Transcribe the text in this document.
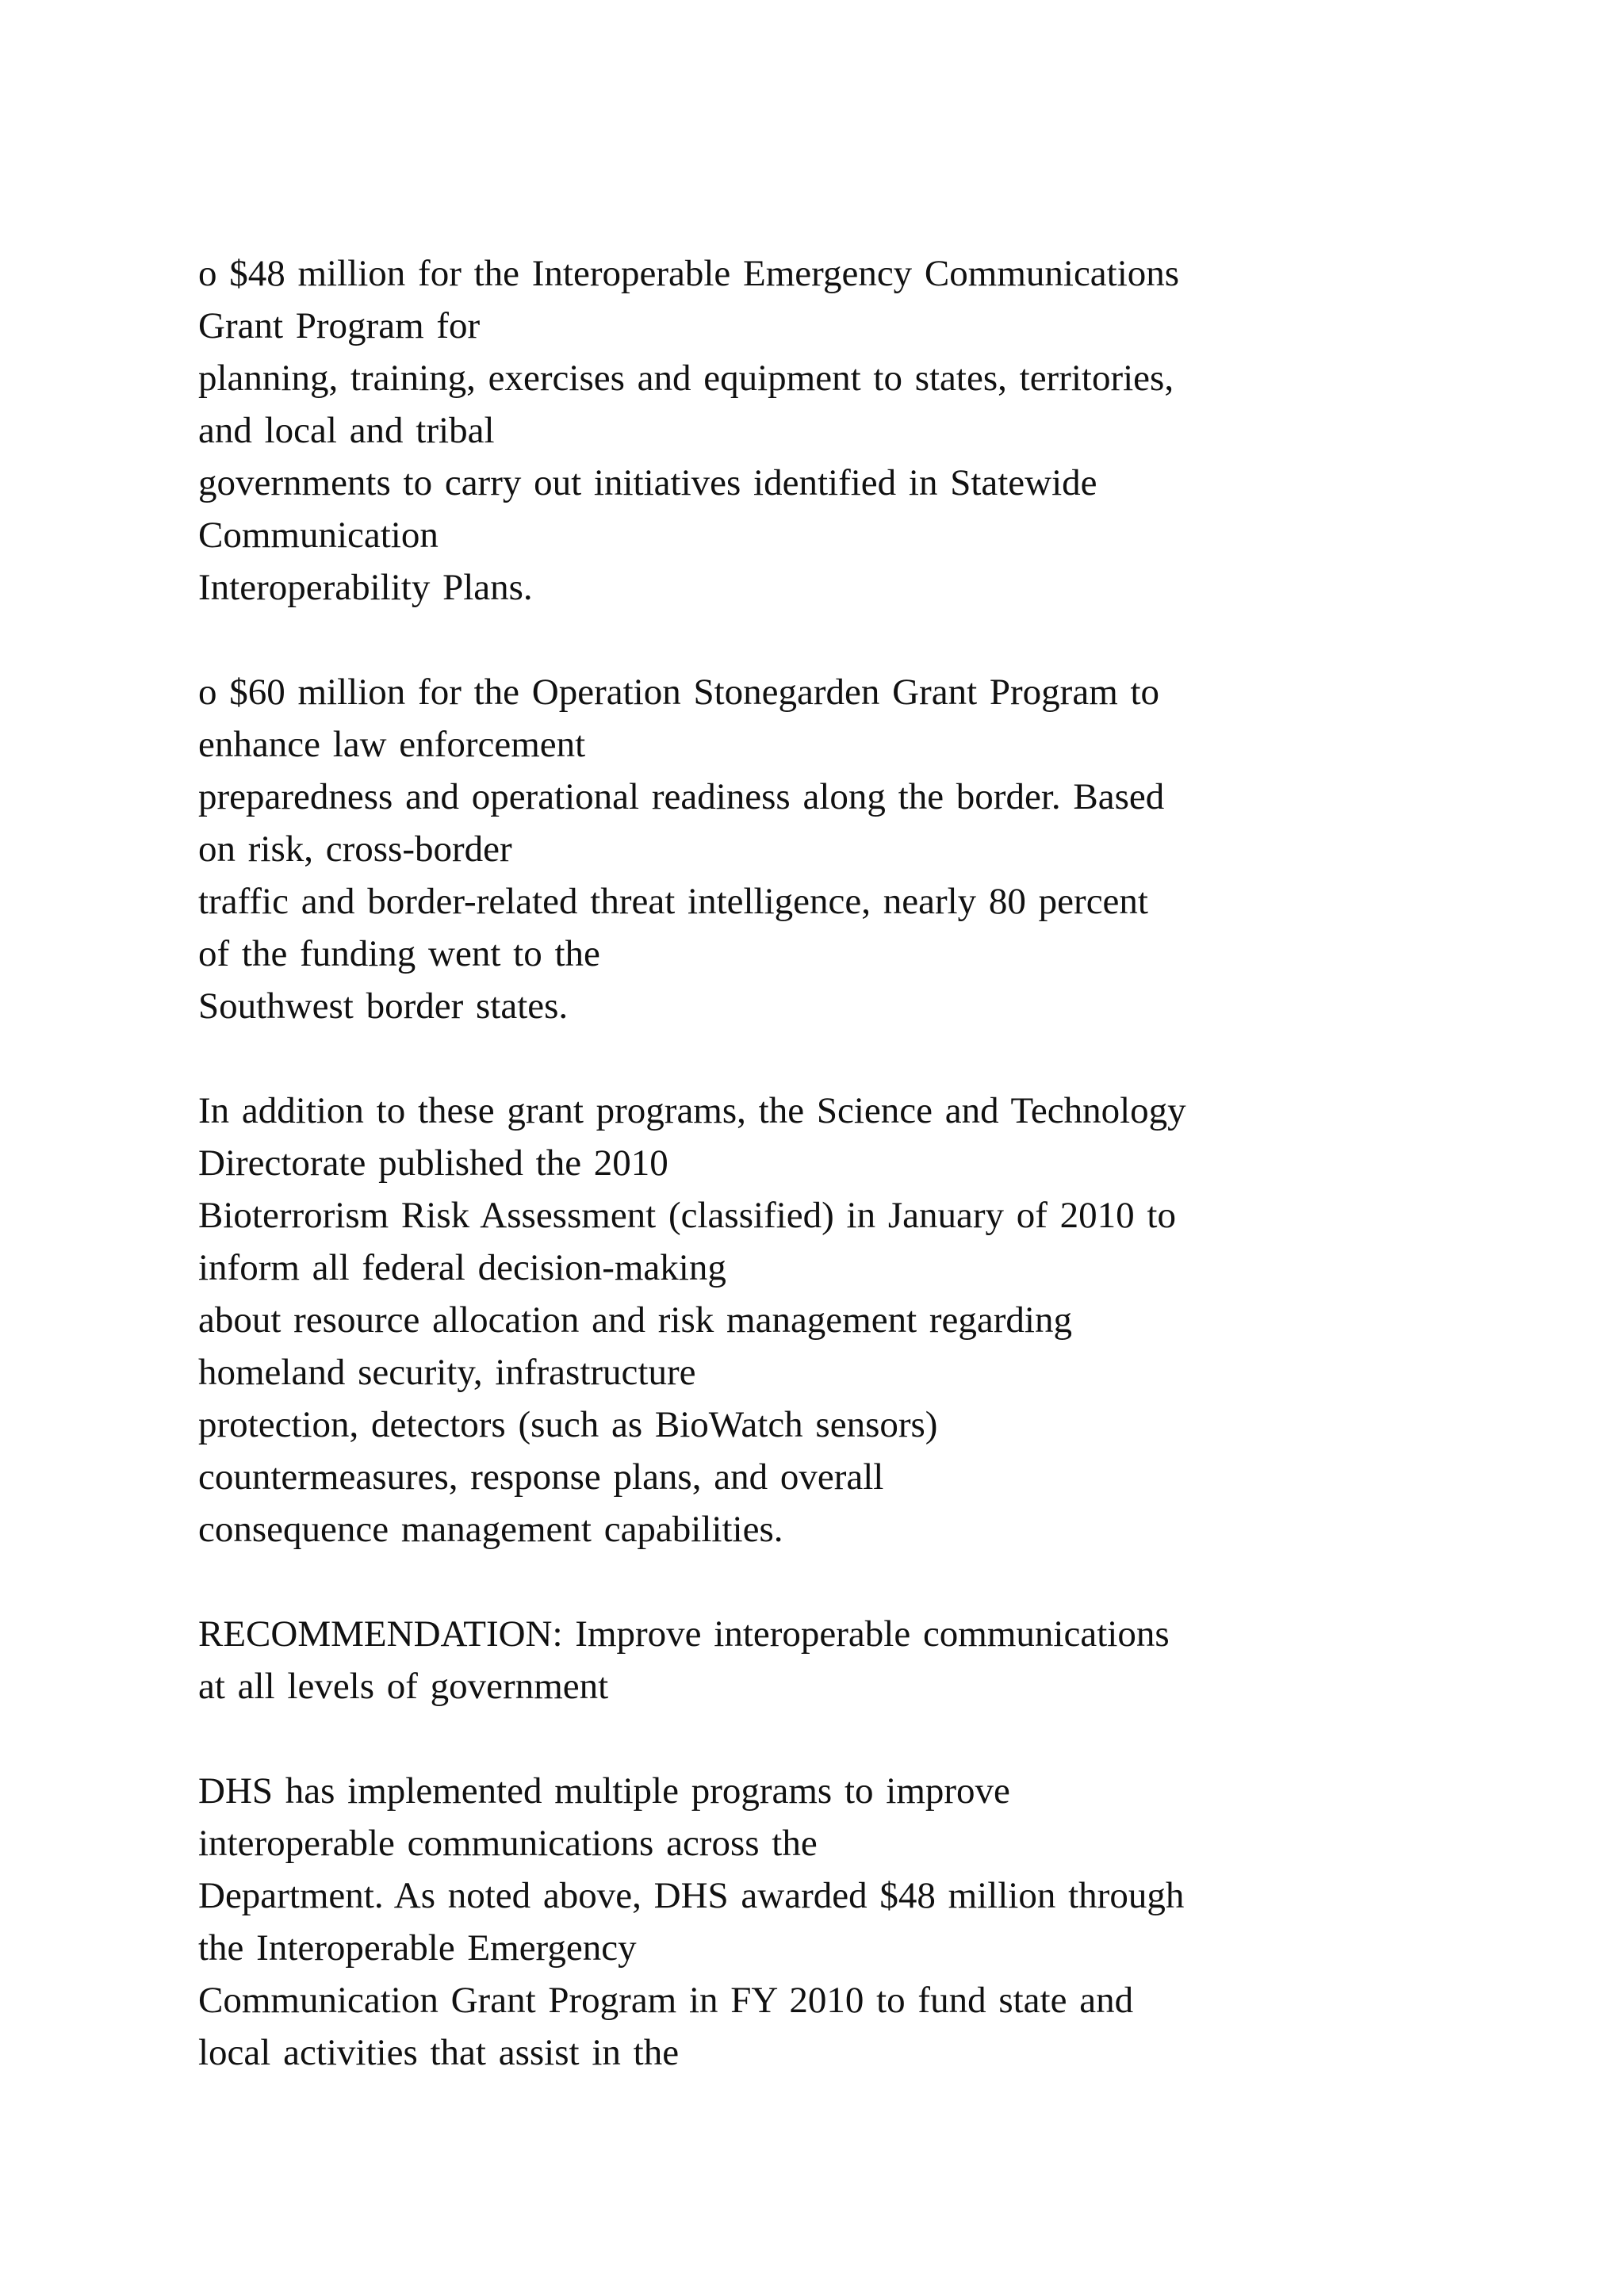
o $48 million for the Interoperable Emergency Communications
Grant Program for
planning, training, exercises and equipment to states, territories,
and local and tribal
governments to carry out initiatives identified in Statewide
Communication
Interoperability Plans.
o $60 million for the Operation Stonegarden Grant Program to
enhance law enforcement
preparedness and operational readiness along the border. Based
on risk, cross-border
traffic and border-related threat intelligence, nearly 80 percent
of the funding went to the
Southwest border states.
In addition to these grant programs, the Science and Technology
Directorate published the 2010
Bioterrorism Risk Assessment (classified) in January of 2010 to
inform all federal decision-making
about resource allocation and risk management regarding
homeland security, infrastructure
protection, detectors (such as BioWatch sensors)
countermeasures, response plans, and overall
consequence management capabilities.
RECOMMENDATION: Improve interoperable communications
at all levels of government
DHS has implemented multiple programs to improve
interoperable communications across the
Department. As noted above, DHS awarded $48 million through
the Interoperable Emergency
Communication Grant Program in FY 2010 to fund state and
local activities that assist in the
